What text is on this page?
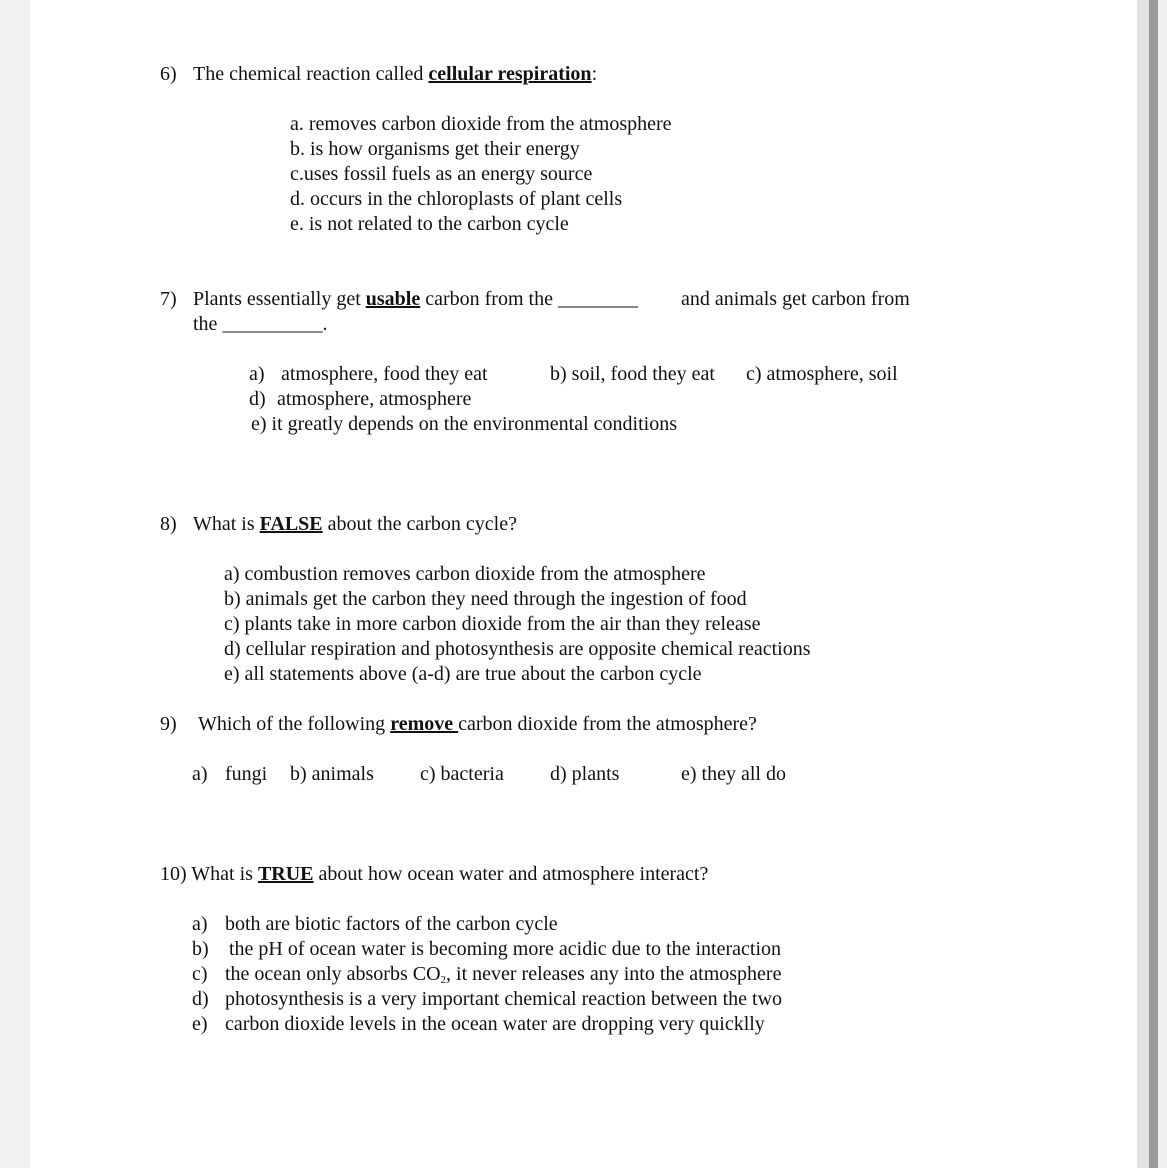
6) The chemical reaction called cellular respiration:
a. removes carbon dioxide from the atmosphere
b. is how organisms get their energy
c.uses fossil fuels as an energy source
d. occurs in the chloroplasts of plant cells
e. is not related to the carbon cycle
7) Plants essentially get usable carbon from the ________ and animals get carbon from
the __________.
a) atmosphere, food they eat	b) soil, food they eat c) atmosphere, soil
d) atmosphere, atmosphere
e) it greatly depends on the environmental conditions
8) What is FALSE about the carbon cycle?
a) combustion removes carbon dioxide from the atmosphere
b) animals get the carbon they need through the ingestion of food
c) plants take in more carbon dioxide from the air than they release
d) cellular respiration and photosynthesis are opposite chemical reactions
e) all statements above (a-d) are true about the carbon cycle
9) Which of the following remove carbon dioxide from the atmosphere?
a) fungi b) animals c) bacteria d) plants	e) they all do
10) What is TRUE about how ocean water and atmosphere interact?
a) both are biotic factors of the carbon cycle
b) the pH of ocean water is becoming more acidic due to the interaction
c) the ocean only absorbs $CO_2$, it never releases any into the atmosphere
d) photosynthesis is a very important chemical reaction between the two
e) carbon dioxide levels in the ocean water are dropping very quicklly
